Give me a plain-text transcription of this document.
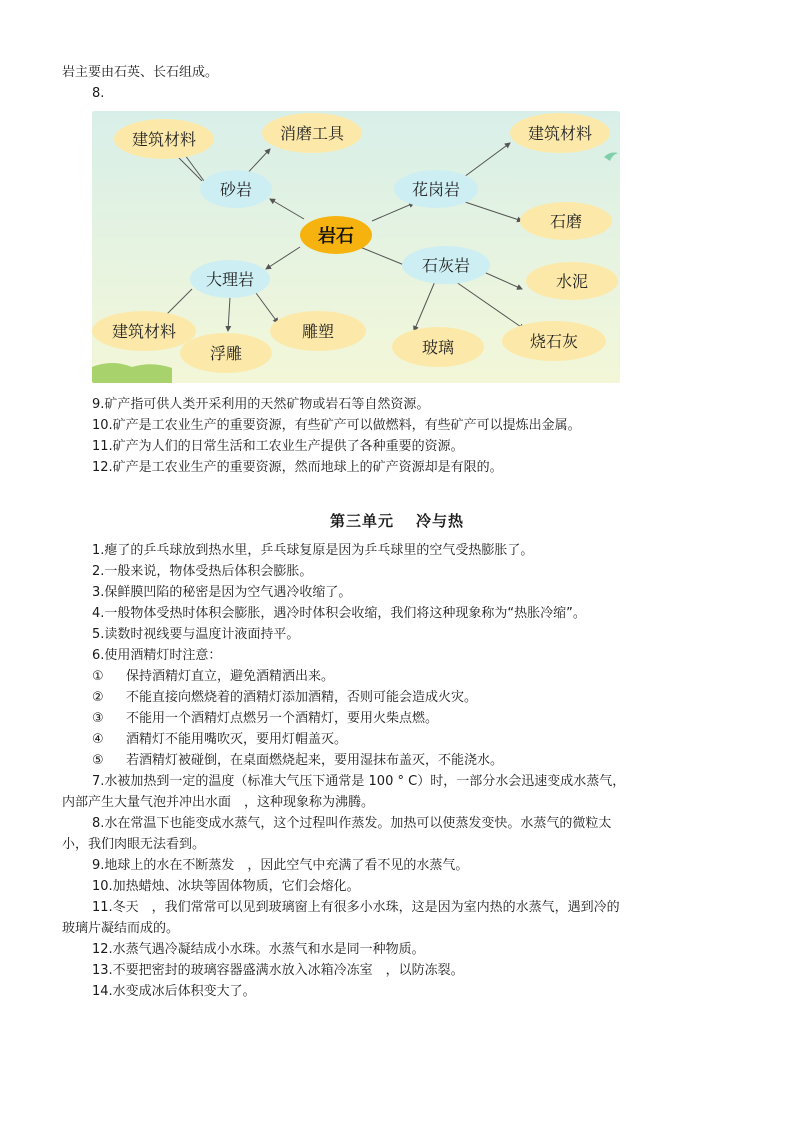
岩主要由石英、长石组成。
8.
建筑材料	消磨工具	建筑材料
石磨
建筑材料
浮雕
雕塑
水泥
玻璃	烧石灰
砂岩	花岗岩
大理岩
石灰岩
岩石
9.矿产指可供人类开采利用的天然矿物或岩石等自然资源。
10.矿产是工农业生产的重要资源，有些矿产可以做燃料，有些矿产可以提炼出金属。
11.矿产为人们的日常生活和工农业生产提供了各种重要的资源。
12.矿产是工农业生产的重要资源，然而地球上的矿产资源却是有限的。
第三单元 冷与热
1.瘪了的乒乓球放到热水里，乒乓球复原是因为乒乓球里的空气受热膨胀了。
2.一般来说，物体受热后体积会膨胀。
3.保鲜膜凹陷的秘密是因为空气遇冷收缩了。
4.一般物体受热时体积会膨胀，遇冷时体积会收缩，我们将这种现象称为“热胀冷缩”。
5.读数时视线要与温度计液面持平。
6.使用酒精灯时注意：
① 保持酒精灯直立，避免酒精洒出来。
② 不能直接向燃烧着的酒精灯添加酒精，否则可能会造成火灾。
③ 不能用一个酒精灯点燃另一个酒精灯，要用火柴点燃。
④ 酒精灯不能用嘴吹灭，要用灯帽盖灭。
⑤ 若酒精灯被碰倒，在桌面燃烧起来，要用湿抹布盖灭，不能浇水。
7.水被加热到一定的温度（标准大气压下通常是 100 ° C）时，一部分水会迅速变成水蒸气，
内部产生大量气泡并冲出水面　，这种现象称为沸腾。
8.水在常温下也能变成水蒸气，这个过程叫作蒸发。加热可以使蒸发变快。水蒸气的微粒太
小，我们肉眼无法看到。
9.地球上的水在不断蒸发　，因此空气中充满了看不见的水蒸气。
10.加热蜡烛、冰块等固体物质，它们会熔化。
11.冬天　，我们常常可以见到玻璃窗上有很多小水珠，这是因为室内热的水蒸气，遇到冷的
玻璃片凝结而成的。
12.水蒸气遇冷凝结成小水珠。水蒸气和水是同一种物质。
13.不要把密封的玻璃容器盛满水放入冰箱冷冻室　，以防冻裂。
14.水变成冰后体积变大了。
